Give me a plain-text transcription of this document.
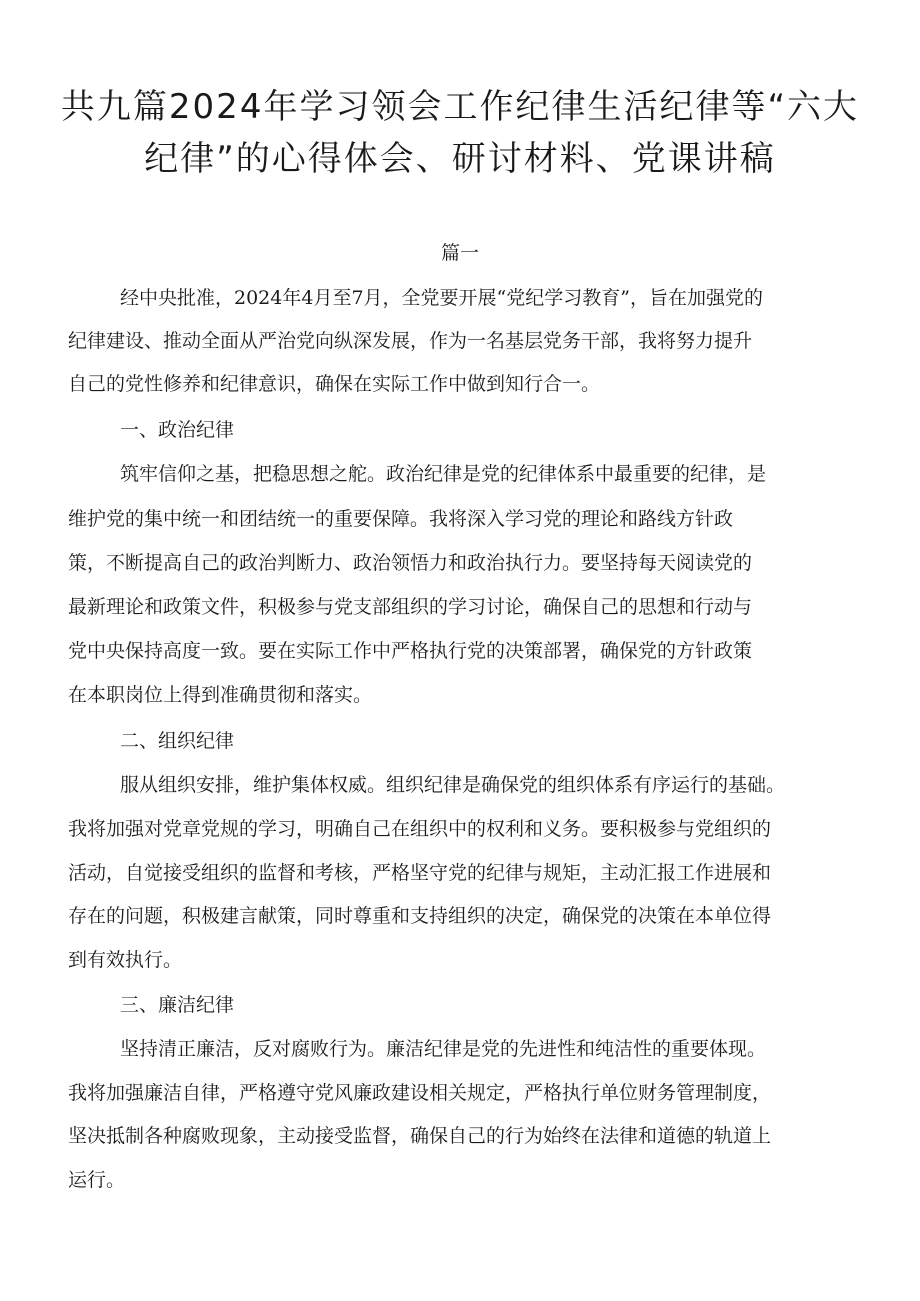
共九篇2024年学习领会工作纪律生活纪律等“六大
纪律”的心得体会、研讨材料、党课讲稿
篇一

经中央批准，2024年4月至7月，全党要开展“党纪学习教育”，旨在加强党的

纪律建设、推动全面从严治党向纵深发展，作为一名基层党务干部，我将努力提升

自己的党性修养和纪律意识，确保在实际工作中做到知行合一。

一、政治纪律

筑牢信仰之基，把稳思想之舵。政治纪律是党的纪律体系中最重要的纪律，是

维护党的集中统一和团结统一的重要保障。我将深入学习党的理论和路线方针政

策，不断提高自己的政治判断力、政治领悟力和政治执行力。要坚持每天阅读党的

最新理论和政策文件，积极参与党支部组织的学习讨论，确保自己的思想和行动与

党中央保持高度一致。要在实际工作中严格执行党的决策部署，确保党的方针政策

在本职岗位上得到准确贯彻和落实。

二、组织纪律

服从组织安排，维护集体权威。组织纪律是确保党的组织体系有序运行的基础。

我将加强对党章党规的学习，明确自己在组织中的权利和义务。要积极参与党组织的

活动，自觉接受组织的监督和考核，严格坚守党的纪律与规矩，主动汇报工作进展和

存在的问题，积极建言献策，同时尊重和支持组织的决定，确保党的决策在本单位得

到有效执行。

三、廉洁纪律

坚持清正廉洁，反对腐败行为。廉洁纪律是党的先进性和纯洁性的重要体现。

我将加强廉洁自律，严格遵守党风廉政建设相关规定，严格执行单位财务管理制度，

坚决抵制各种腐败现象，主动接受监督，确保自己的行为始终在法律和道德的轨道上

运行。
